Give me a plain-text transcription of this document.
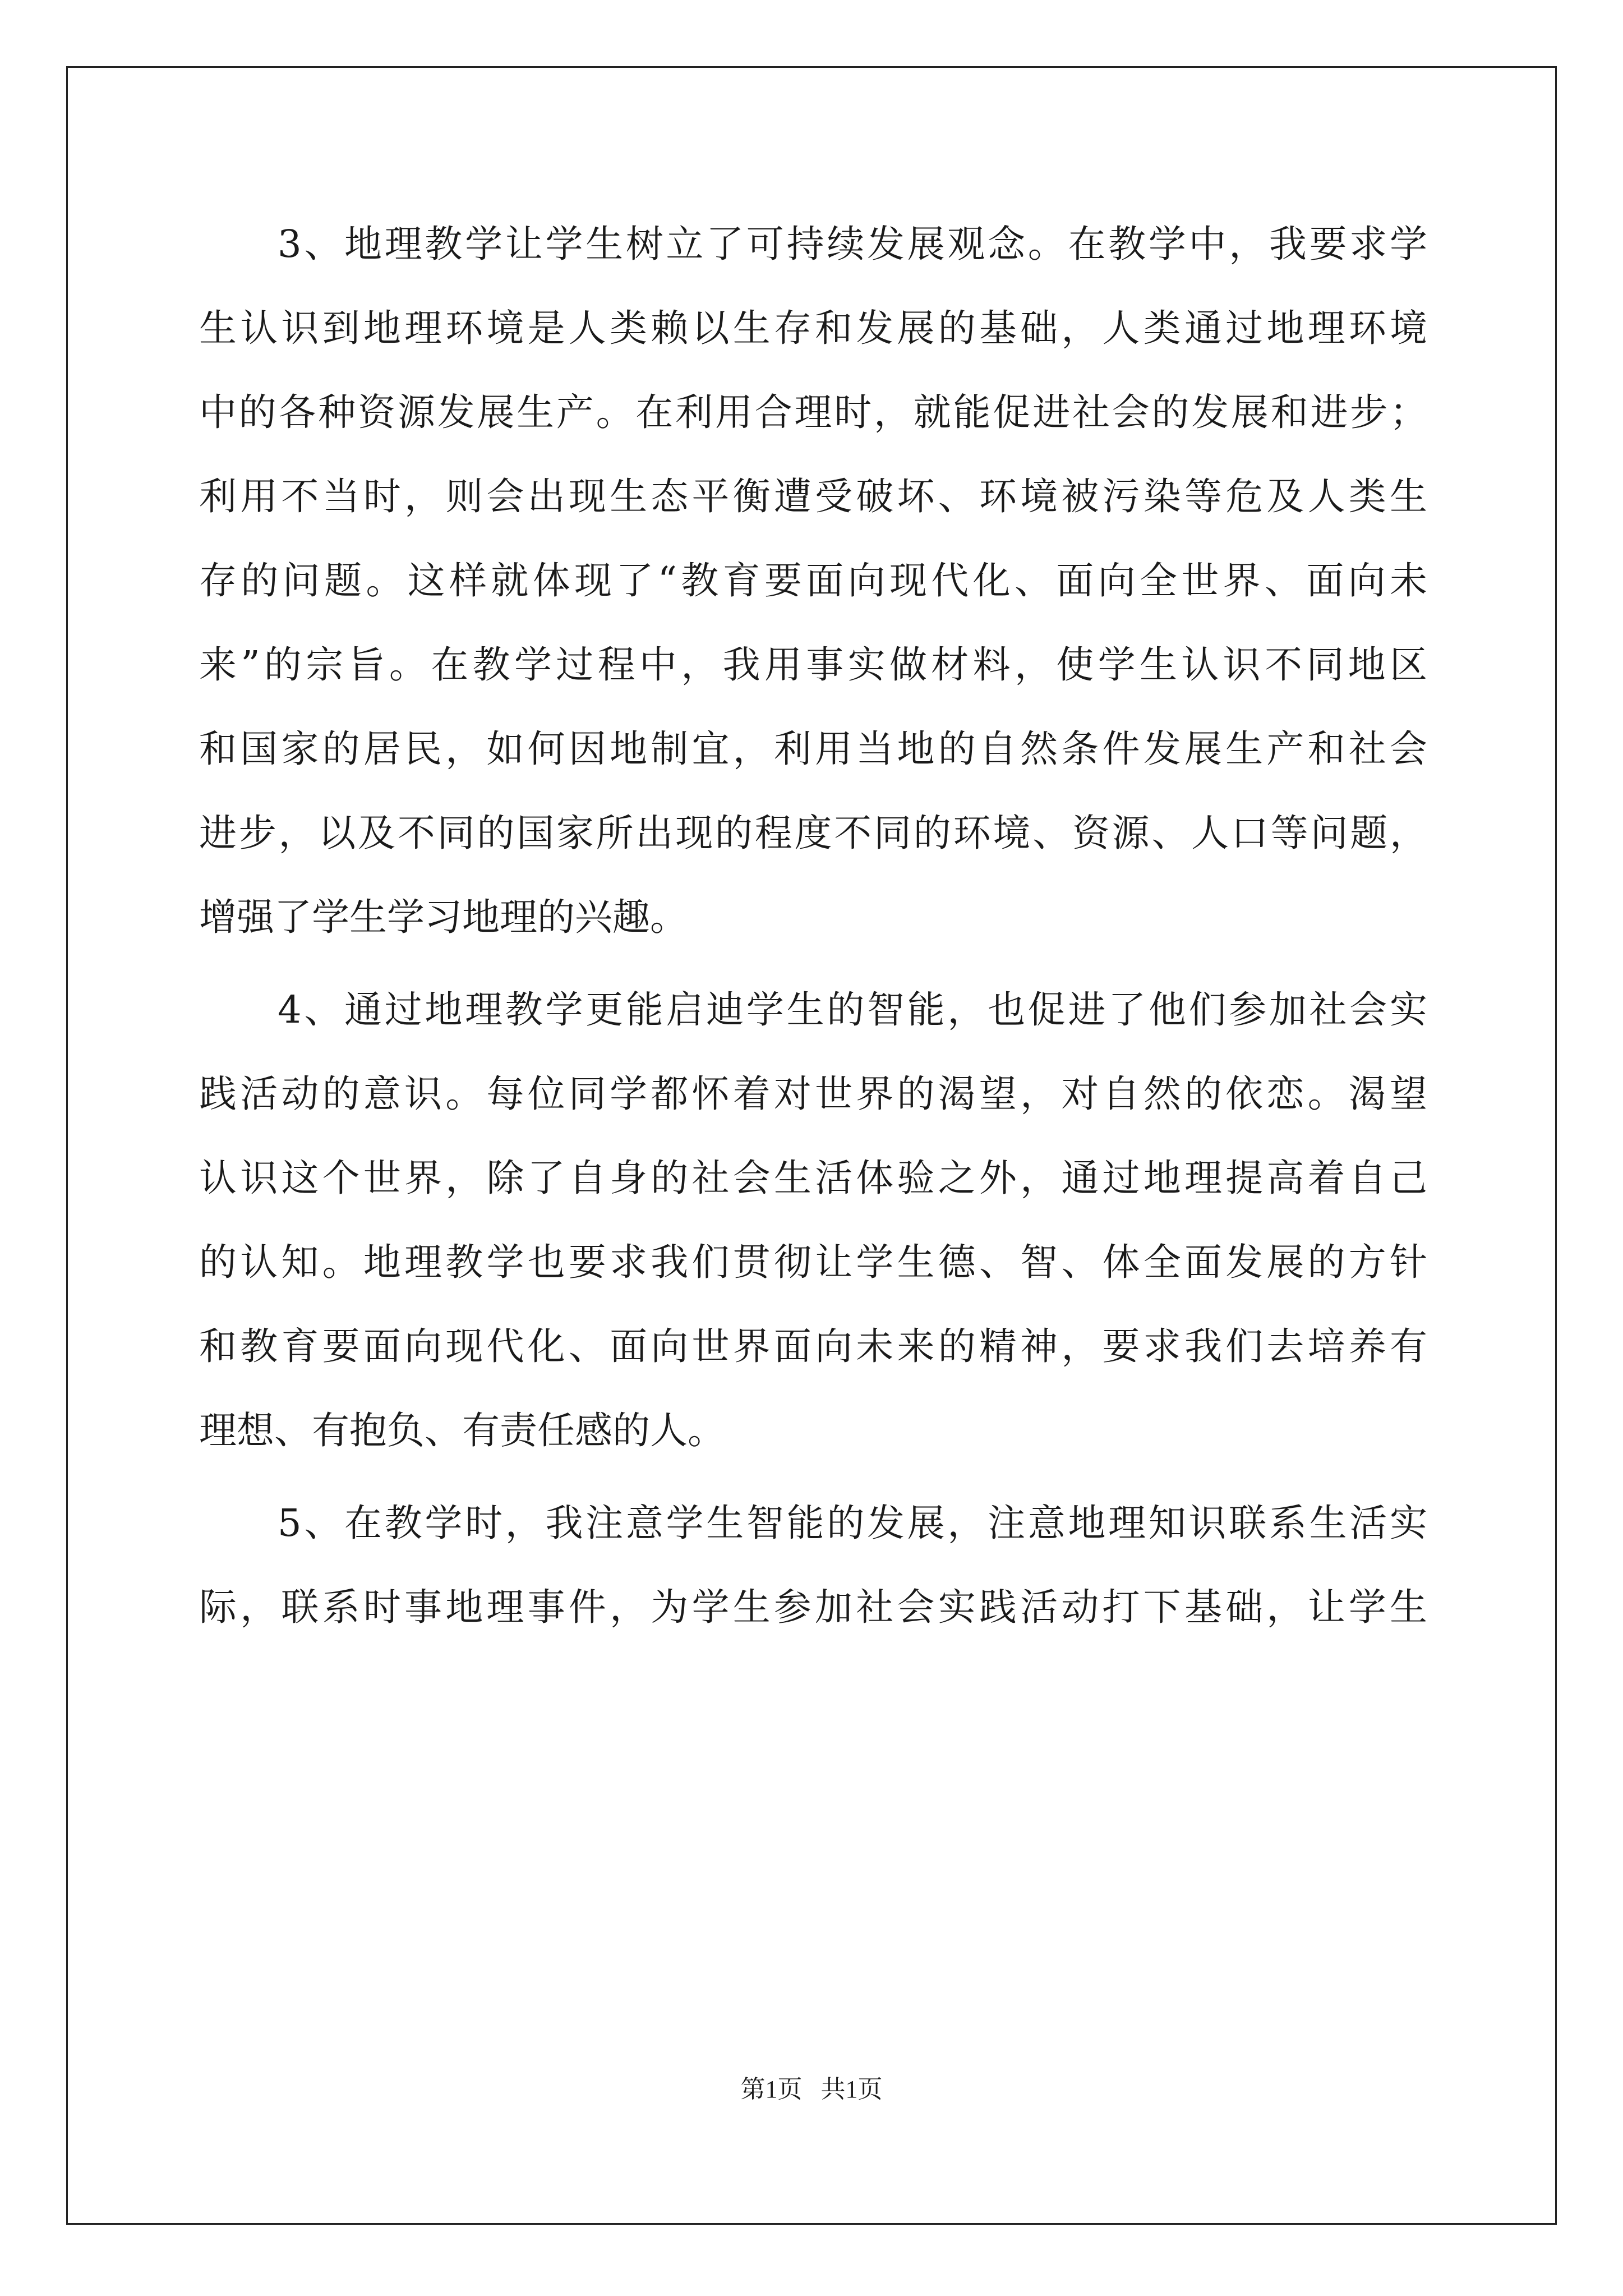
3、地理教学让学生树立了可持续发展观念。在教学中，我要求学
生认识到地理环境是人类赖以生存和发展的基础，人类通过地理环境
中的各种资源发展生产。在利用合理时，就能促进社会的发展和进步；
利用不当时，则会出现生态平衡遭受破坏、环境被污染等危及人类生
存的问题。这样就体现了“教育要面向现代化、面向全世界、面向未
来”的宗旨。在教学过程中，我用事实做材料，使学生认识不同地区
和国家的居民，如何因地制宜，利用当地的自然条件发展生产和社会
进步，以及不同的国家所出现的程度不同的环境、资源、人口等问题，
增强了学生学习地理的兴趣。
4、通过地理教学更能启迪学生的智能，也促进了他们参加社会实
践活动的意识。每位同学都怀着对世界的渴望，对自然的依恋。渴望
认识这个世界，除了自身的社会生活体验之外，通过地理提高着自己
的认知。地理教学也要求我们贯彻让学生德、智、体全面发展的方针
和教育要面向现代化、面向世界面向未来的精神，要求我们去培养有
理想、有抱负、有责任感的人。
5、在教学时，我注意学生智能的发展，注意地理知识联系生活实
际，联系时事地理事件，为学生参加社会实践活动打下基础，让学生
第1页   共1页
